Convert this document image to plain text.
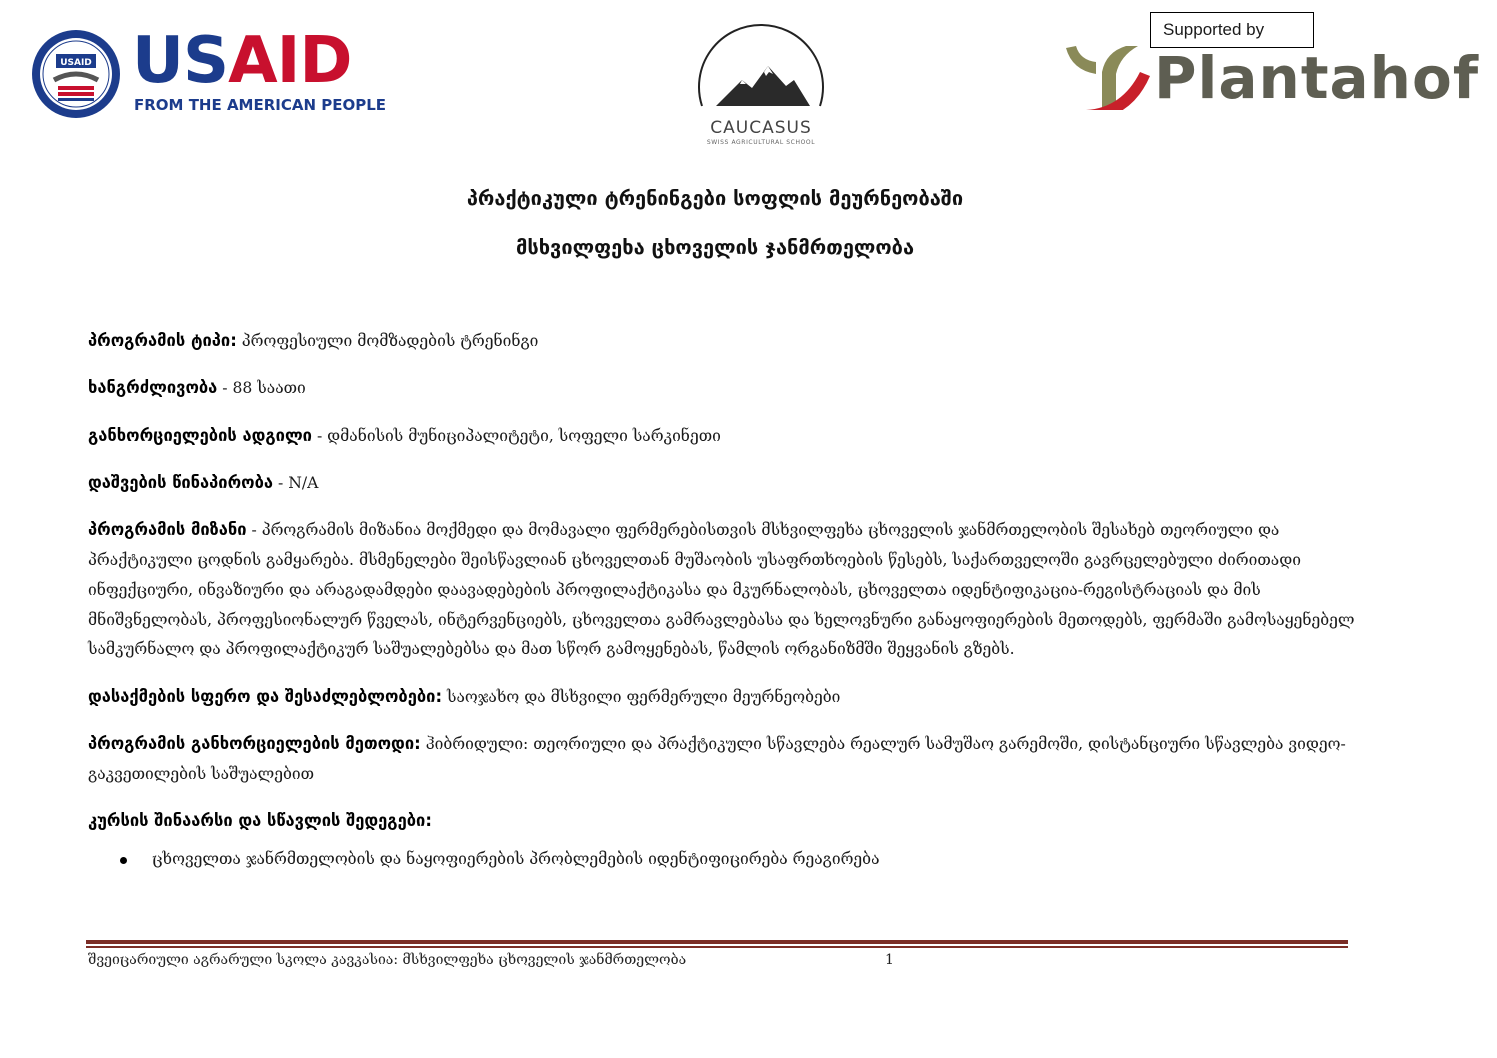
USAID USAID
FROM THE AMERICAN PEOPLE
CAUCASUS
SWISS AGRICULTURAL SCHOOL
Supported by
Plantahof
პრაქტიკული ტრენინგები სოფლის მეურნეობაში
მსხვილფეხა ცხოველის ჯანმრთელობა

პროგრამის ტიპი: პროფესიული მომზადების ტრენინგი

ხანგრძლივობა - 88 საათი

განხორციელების ადგილი - დმანისის მუნიციპალიტეტი, სოფელი სარკინეთი

დაშვების წინაპირობა - N/A

პროგრამის მიზანი - პროგრამის მიზანია მოქმედი და მომავალი ფერმერებისთვის მსხვილფეხა ცხოველის ჯანმრთელობის შესახებ თეორიული და პრაქტიკული ცოდნის გამყარება. მსმენელები შეისწავლიან ცხოველთან მუშაობის უსაფრთხოების წესებს, საქართველოში გავრცელებული ძირითადი ინფექციური, ინვაზიური და არაგადამდები დაავადებების პროფილაქტიკასა და მკურნალობას, ცხოველთა იდენტიფიკაცია-რეგისტრაციას და მის მნიშვნელობას, პროფესიონალურ წველას, ინტერვენციებს, ცხოველთა გამრავლებასა და ხელოვნური განაყოფიერების მეთოდებს, ფერმაში გამოსაყენებელ სამკურნალო და პროფილაქტიკურ საშუალებებსა და მათ სწორ გამოყენებას, წამლის ორგანიზმში შეყვანის გზებს.

დასაქმების სფერო და შესაძლებლობები: საოჯახო და მსხვილი ფერმერული მეურნეობები

პროგრამის განხორციელების მეთოდი: ჰიბრიდული: თეორიული და პრაქტიკული სწავლება რეალურ სამუშაო გარემოში, დისტანციური სწავლება ვიდეო-გაკვეთილების საშუალებით

კურსის შინაარსი და სწავლის შედეგები:

ცხოველთა ჯანრმთელობის და ნაყოფიერების პრობლემების იდენტიფიცირება რეაგირება
შვეიცარიული აგრარული სკოლა კავკასია: მსხვილფეხა ცხოველის ჯანმრთელობა	1
